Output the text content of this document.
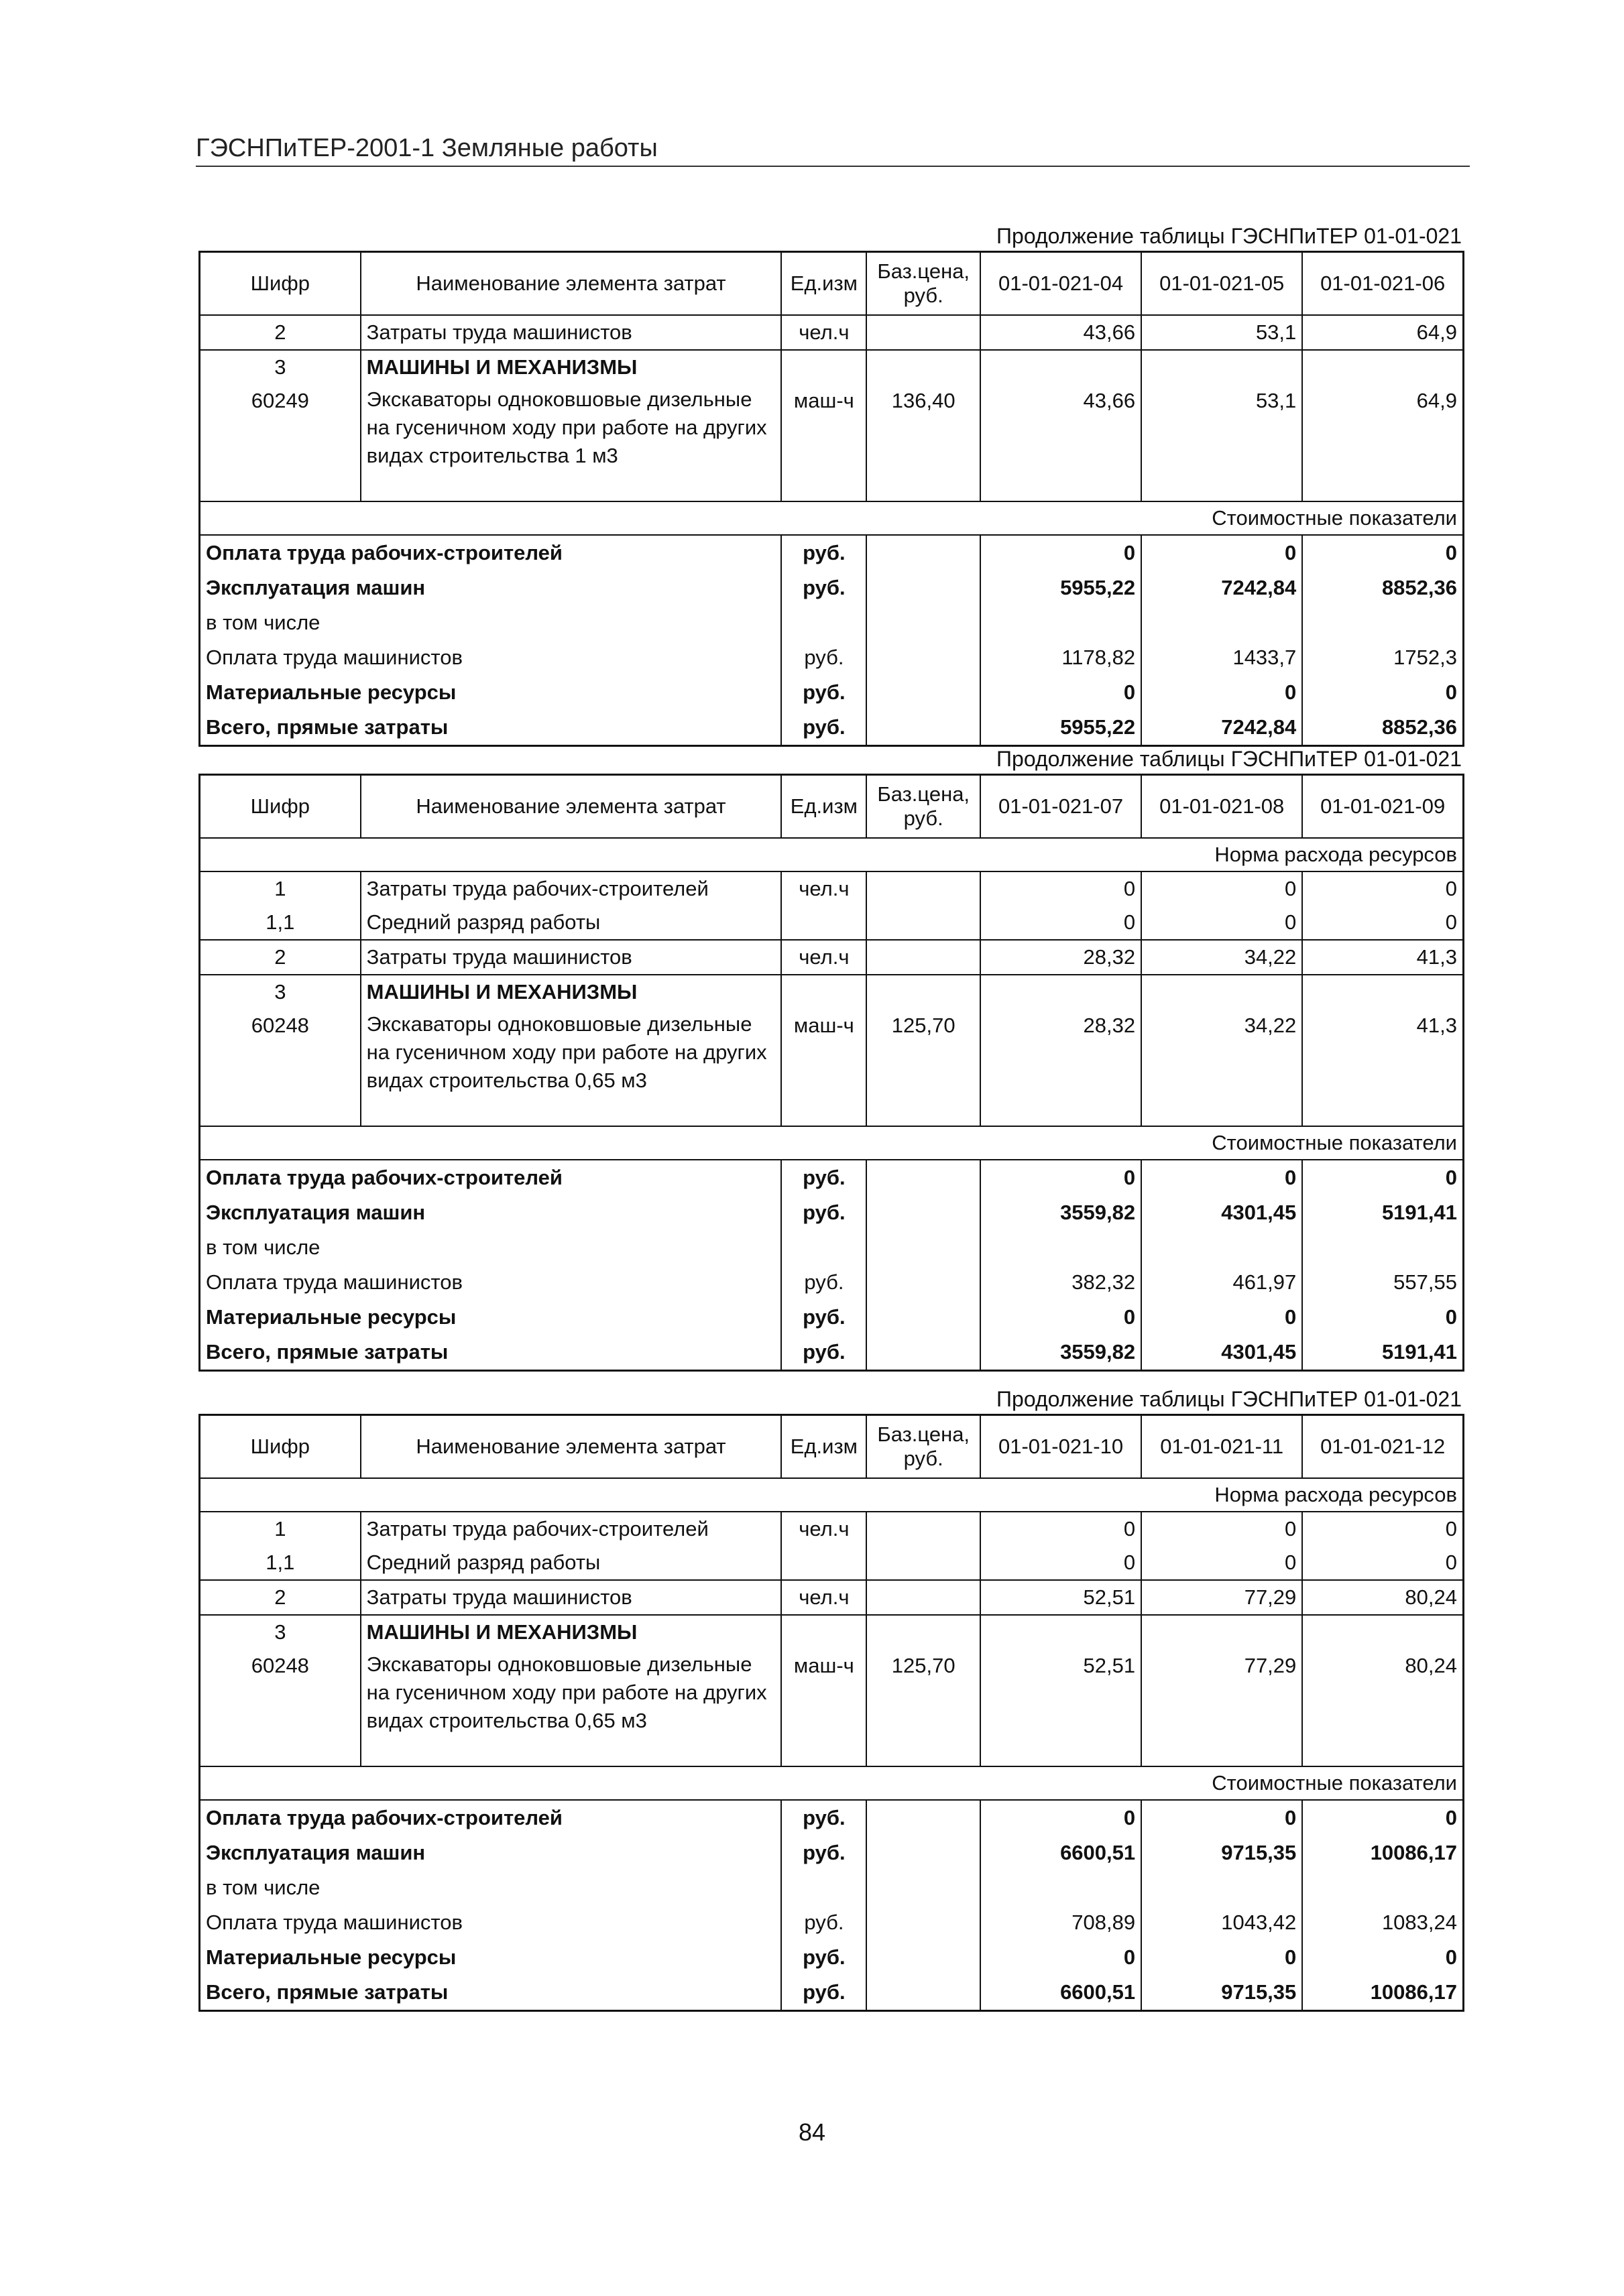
ГЭСНПиТЕР-2001-1 Земляные работы
Продолжение таблицы ГЭСНПиТЕР 01-01-021
Шифр	Наименование элемента затрат	Ед.изм	Баз.цена, руб.	01-01-021-04	01-01-021-05	01-01-021-06
2	Затраты труда машинистов	чел.ч		43,66	53,1	64,9
3	МАШИНЫ И МЕХАНИЗМЫ					
60249	Экскаваторы одноковшовые дизельные на гусеничном ходу при работе на других видах строительства 1 м3	маш-ч	136,40	43,66	53,1	64,9
Стоимостные показатели						
Оплата труда рабочих-строителей		руб.		0	0	0
Эксплуатация машин		руб.		5955,22	7242,84	8852,36
в том числе						
Оплата труда машинистов		руб.		1178,82	1433,7	1752,3
Материальные ресурсы		руб.		0	0	0
Всего, прямые затраты		руб.		5955,22	7242,84	8852,36
Продолжение таблицы ГЭСНПиТЕР 01-01-021
Шифр	Наименование элемента затрат	Ед.изм	Баз.цена, руб.	01-01-021-07	01-01-021-08	01-01-021-09
Норма расхода ресурсов						
1	Затраты труда рабочих-строителей	чел.ч		0	0	0
1,1	Средний разряд работы			0	0	0
2	Затраты труда машинистов	чел.ч		28,32	34,22	41,3
3	МАШИНЫ И МЕХАНИЗМЫ					
60248	Экскаваторы одноковшовые дизельные на гусеничном ходу при работе на других видах строительства 0,65 м3	маш-ч	125,70	28,32	34,22	41,3
Стоимостные показатели						
Оплата труда рабочих-строителей		руб.		0	0	0
Эксплуатация машин		руб.		3559,82	4301,45	5191,41
в том числе						
Оплата труда машинистов		руб.		382,32	461,97	557,55
Материальные ресурсы		руб.		0	0	0
Всего, прямые затраты		руб.		3559,82	4301,45	5191,41
Продолжение таблицы ГЭСНПиТЕР 01-01-021
Шифр	Наименование элемента затрат	Ед.изм	Баз.цена, руб.	01-01-021-10	01-01-021-11	01-01-021-12
Норма расхода ресурсов						
1	Затраты труда рабочих-строителей	чел.ч		0	0	0
1,1	Средний разряд работы			0	0	0
2	Затраты труда машинистов	чел.ч		52,51	77,29	80,24
3	МАШИНЫ И МЕХАНИЗМЫ					
60248	Экскаваторы одноковшовые дизельные на гусеничном ходу при работе на других видах строительства 0,65 м3	маш-ч	125,70	52,51	77,29	80,24
Стоимостные показатели						
Оплата труда рабочих-строителей		руб.		0	0	0
Эксплуатация машин		руб.		6600,51	9715,35	10086,17
в том числе						
Оплата труда машинистов		руб.		708,89	1043,42	1083,24
Материальные ресурсы		руб.		0	0	0
Всего, прямые затраты		руб.		6600,51	9715,35	10086,17
84
